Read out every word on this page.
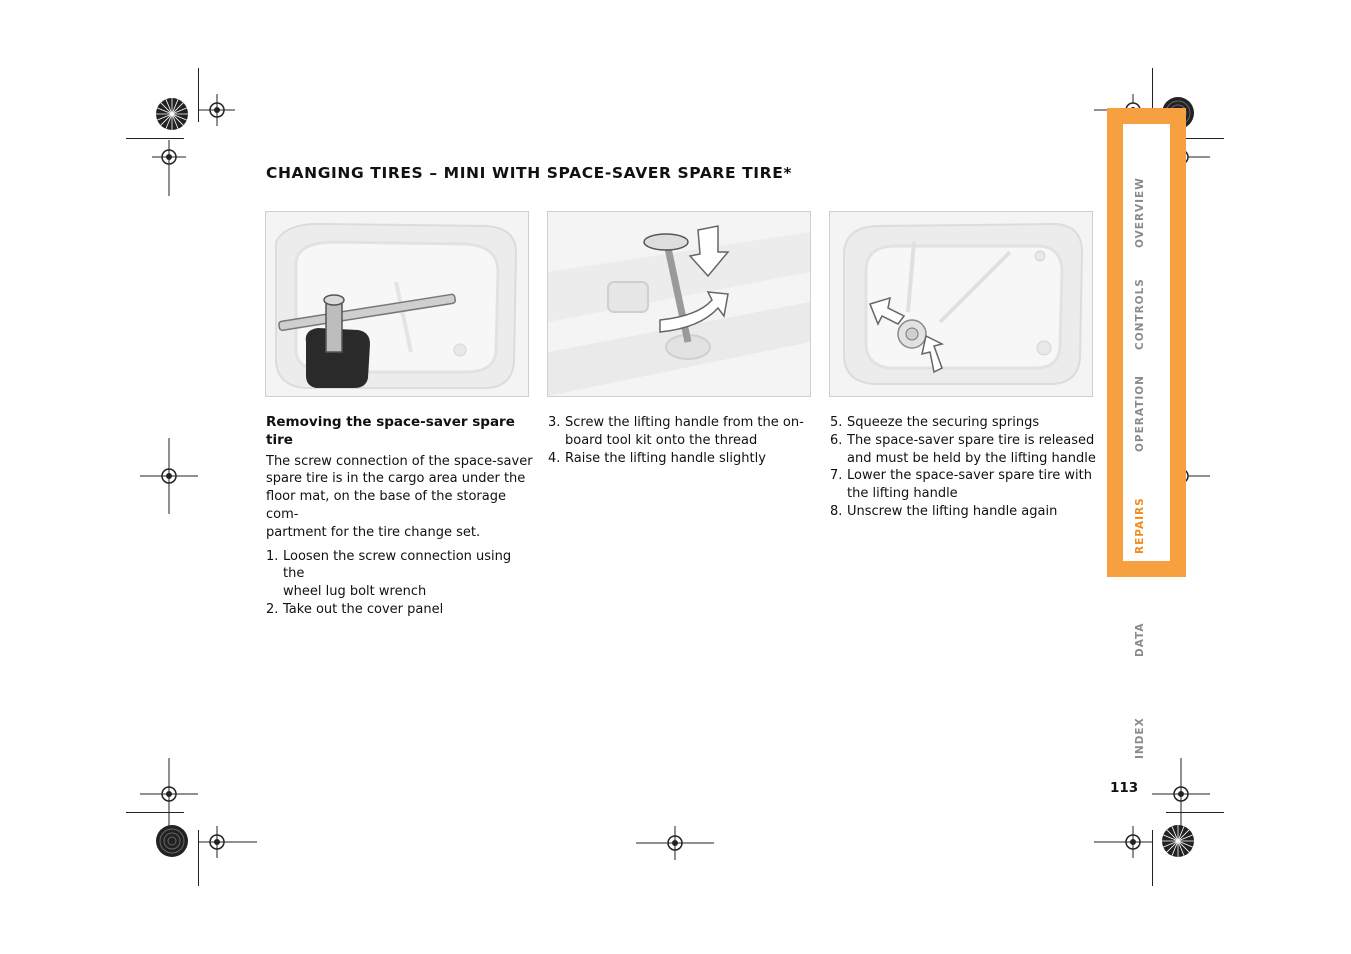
CHANGING TIRES – MINI WITH SPACE-SAVER SPARE TIRE*
Removing the space-saver spare tire

The screw connection of the space-saver
spare tire is in the cargo area under the
floor mat, on the base of the storage com-
partment for the tire change set.

1. Loosen the screw connection using the
wheel lug bolt wrench
2. Take out the cover panel
3. Screw the lifting handle from the on-
board tool kit onto the thread
4. Raise the lifting handle slightly
5. Squeeze the securing springs
6. The space-saver spare tire is released
and must be held by the lifting handle
7. Lower the space-saver spare tire with
the lifting handle
8. Unscrew the lifting handle again
OVERVIEW
CONTROLS
OPERATION
REPAIRS
DATA
INDEX
113
